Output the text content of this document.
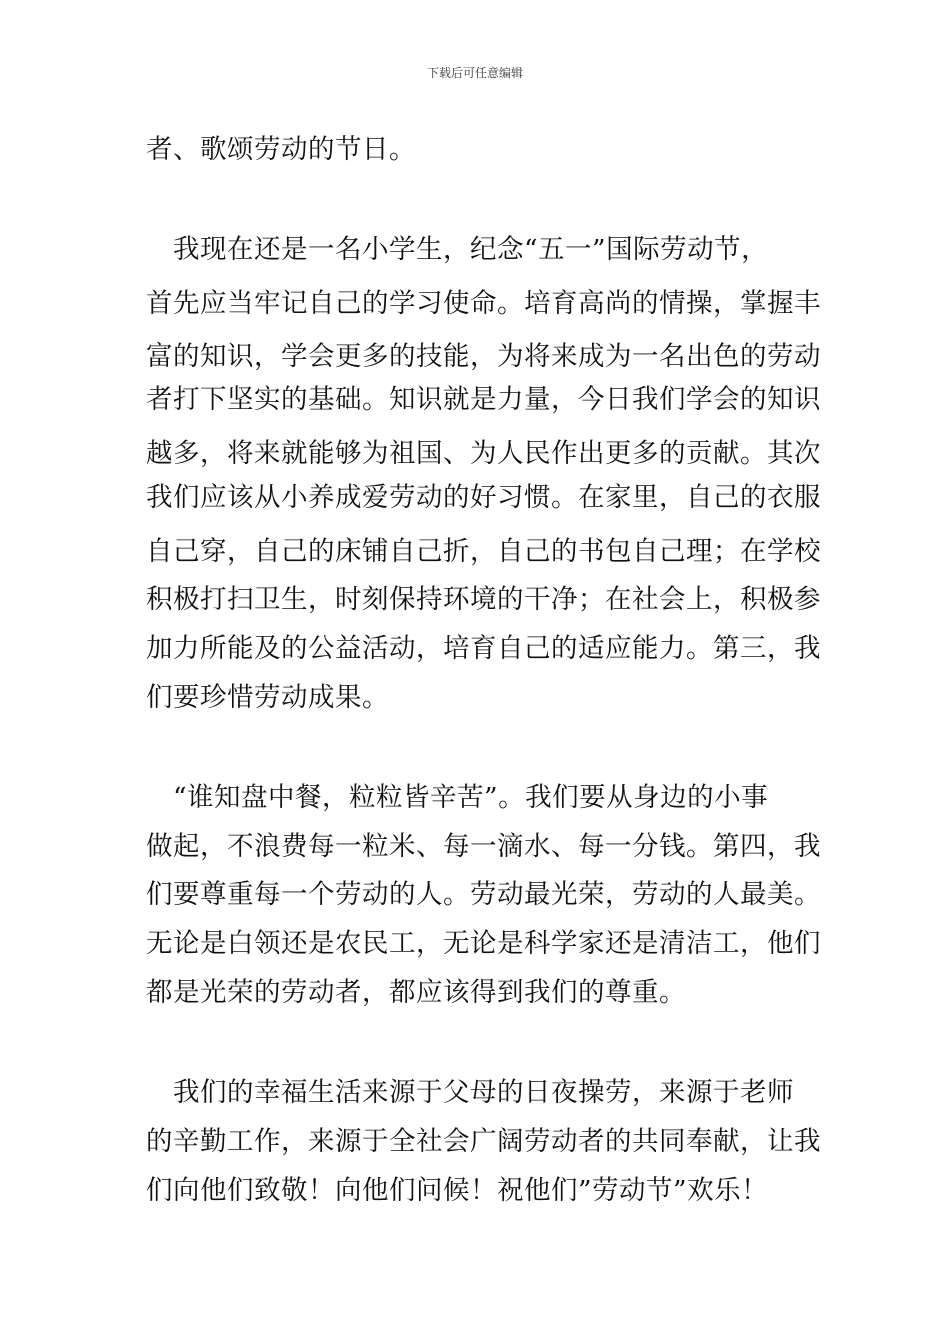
下载后可任意编辑
者、歌颂劳动的节日。
　我现在还是一名小学生，纪念“五一”国际劳动节，
首先应当牢记自己的学习使命。培育高尚的情操，掌握丰
富的知识，学会更多的技能，为将来成为一名出色的劳动
者打下坚实的基础。知识就是力量，今日我们学会的知识
越多，将来就能够为祖国、为人民作出更多的贡献。其次
我们应该从小养成爱劳动的好习惯。在家里，自己的衣服
自己穿，自己的床铺自己折，自己的书包自己理；在学校
积极打扫卫生，时刻保持环境的干净；在社会上，积极参
加力所能及的公益活动，培育自己的适应能力。第三，我
们要珍惜劳动成果。
　“谁知盘中餐，粒粒皆辛苦”。我们要从身边的小事
做起，不浪费每一粒米、每一滴水、每一分钱。第四，我
们要尊重每一个劳动的人。劳动最光荣，劳动的人最美。
无论是白领还是农民工，无论是科学家还是清洁工，他们
都是光荣的劳动者，都应该得到我们的尊重。
　我们的幸福生活来源于父母的日夜操劳，来源于老师
的辛勤工作，来源于全社会广阔劳动者的共同奉献，让我
们向他们致敬！向他们问候！祝他们”劳动节”欢乐！
